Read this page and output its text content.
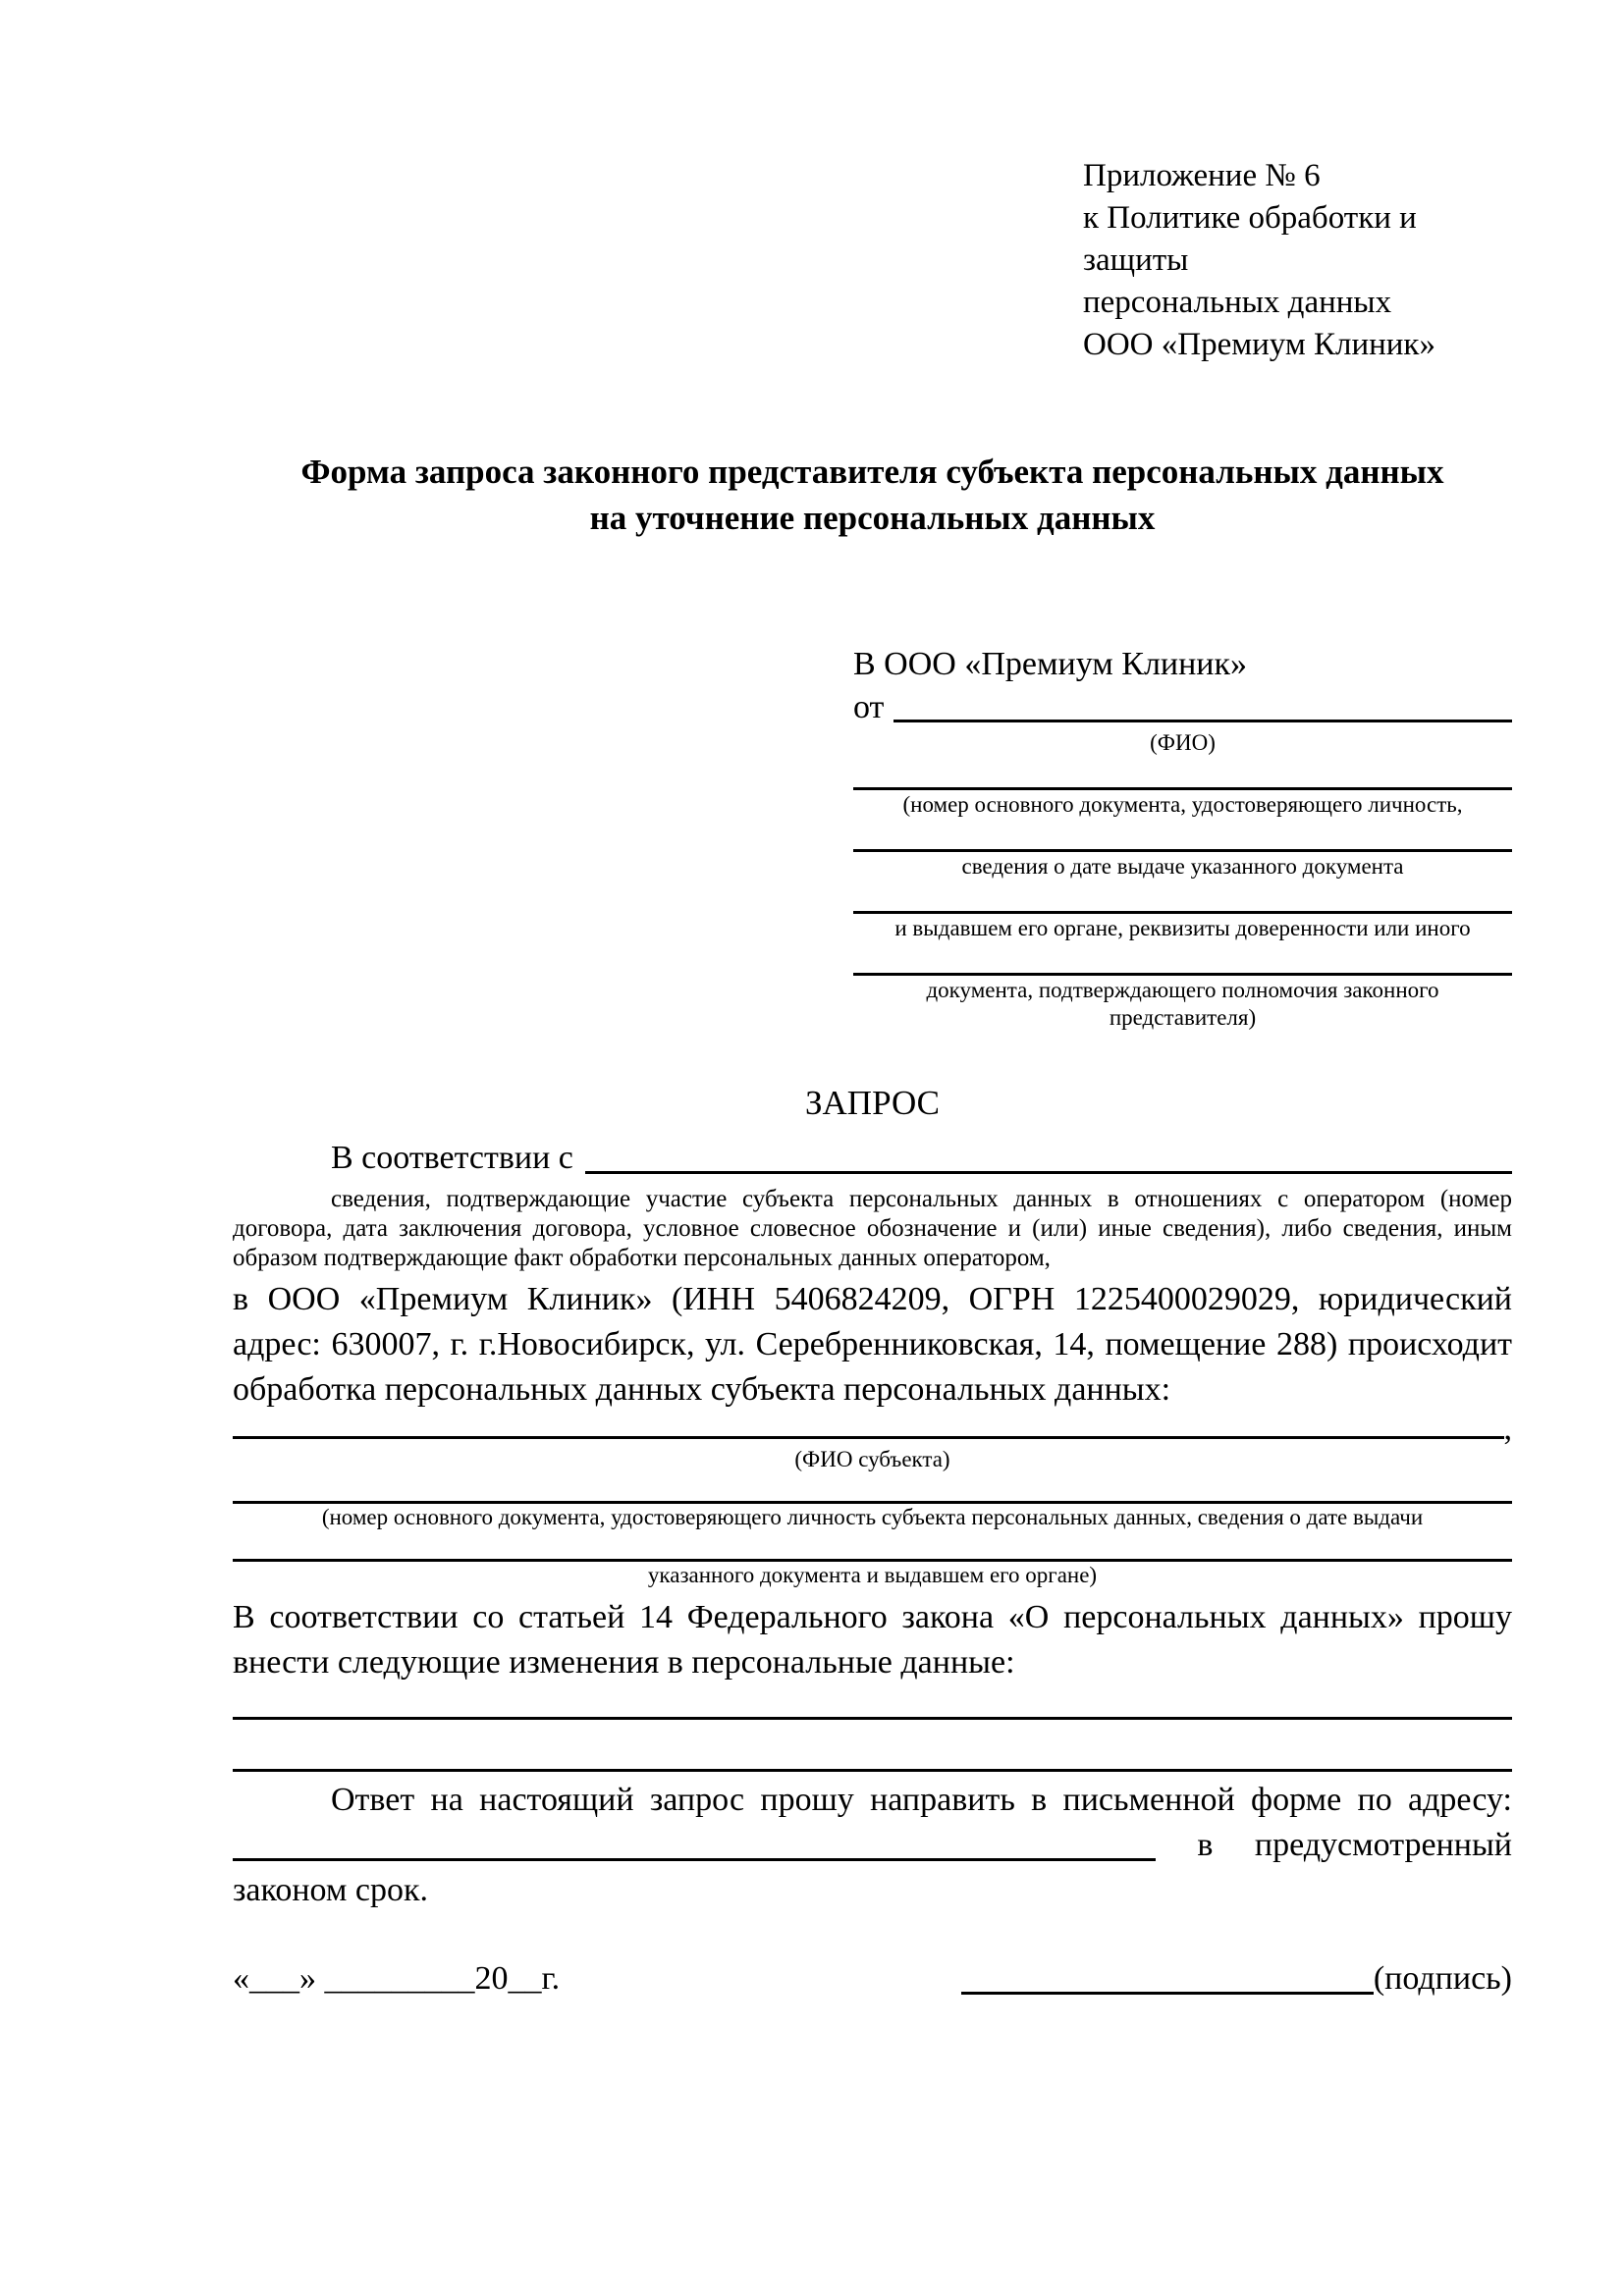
Приложение № 6
к Политике обработки и защиты
персональных данных
ООО «Премиум Клиник»
Форма запроса законного представителя субъекта персональных данных
на уточнение персональных данных
В ООО «Премиум Клиник»
от
(ФИО)
(номер основного документа, удостоверяющего личность,
сведения о дате выдаче указанного документа
и выдавшем его органе, реквизиты доверенности или иного
документа, подтверждающего полномочия законного представителя)
ЗАПРОС
В соответствии с
сведения, подтверждающие участие субъекта персональных данных в отношениях с оператором (номер договора, дата заключения договора, условное словесное обозначение и (или) иные сведения), либо сведения, иным образом подтверждающие факт обработки персональных данных оператором,
в ООО «Премиум Клиник» (ИНН 5406824209, ОГРН 1225400029029, юридический адрес: 630007, г. г.Новосибирск, ул. Серебренниковская, 14, помещение 288) происходит обработка персональных данных субъекта персональных данных:
,
(ФИО субъекта)
(номер основного документа, удостоверяющего личность субъекта персональных данных, сведения о дате выдачи
указанного документа и выдавшем его органе)
В соответствии со статьей 14 Федерального закона «О персональных данных» прошу внести следующие изменения в персональные данные:
Ответ на настоящий запрос прошу направить в письменной форме по адресу:
в предусмотренный
законом срок.
«___» _________20__г.	(подпись)
